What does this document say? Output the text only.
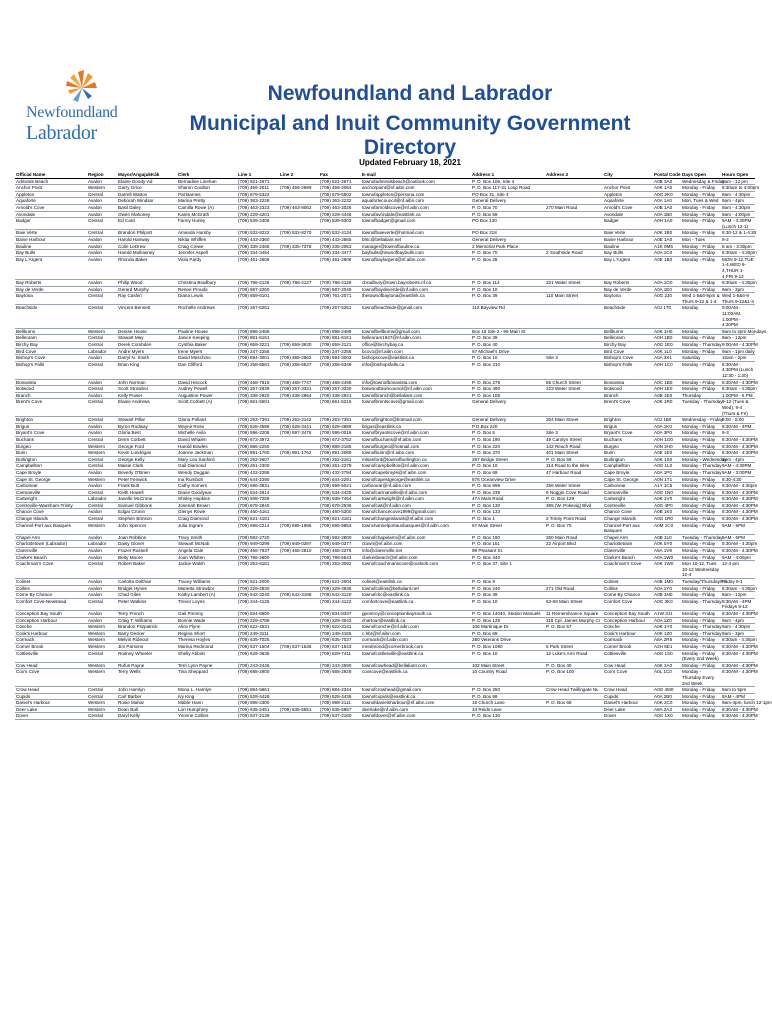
Newfoundland
Labrador
Newfoundland and Labrador
Municipal and Inuit Community Government Directory
Updated February 18, 2021
Official Name	Region	Mayor/AngajukKâk	Clerk	Line 1	Line 2	Fax	E-mail	Address 1	Address 2	City	Postal Code	Days Open	Hours Open
Admirals Beach	Avalon	Elaine Doody-Ad	Bernadine Linehan	(709) 521-2671		(709) 521-2671	townofadmiralsbeach@outlook.com	P. O. Box 106, Site 4			A0B 3A0	Wednesday & Friday	9am - 12 pm
Anchor Point	Western	Garry Grice	Sharon Coulton	(709) 456-2011	(709) 456-2699	(709) 456-2064	anchorpoint@nf.aibn.com	P. O. Box 117-31 Loop Road		Anchor Point	A0K 1A0	Monday - Friday	8:30am to 4:00pm
Appleton	Central	Darrell Watton	Pat Barnes	(709) 679-5322		(709) 679-5502	townofappleton@persona.com	PO Box 31, Site 4		Appleton	A0G 2K0	Monday - Friday	9am - 4:30pm
Aquaforte	Avalon	Deborah Windsor	Marina Pretty	(709) 363-2228		(709) 363-2232	aquafortecouncil@nf.aibn.com	General Delivery		Aquaforte	A0A 1A0	Mon, Tues & Wed	9am - 4pm
Arnold's Cove	Avalon	Basil Daley	Camilla Rowe (A)	(709) 463-2323	(709) 463-8062	(709) 463-2026	townofarnoldscove@nf.aibn.com	P. O. Box 70	270 Main Road	Arnold's Cove	A0B 1A0	Monday - Friday	9am - 4:30pm
Avondale	Avalon	Owen Mahoney	Karen McGrath	(709) 229-4201		(709) 229-4448	townofavondale@eastlink.ca	P. O. Box 59		Avondale	A0A 1B0	Monday - Friday	9am - 4:00pm
Badger	Central	Ed Card	Fanny Hurley	(709) 539-2406		(709) 539-5303	townofbadger@gmail.com	PO Box 130		Badger	A0H 1A0	Monday - Friday	9AM - 4:30PM (Lunch 12-1)
Baie Verte	Central	Brandon Philpott	Amanda Humby	(709) 532-8222	(709) 532-8270	(709) 532-4134	townofbaieverte@hotmail.com	PO Box 218		Baie Verte	A0K 1B0	Monday - Friday	8:30-12 & 1-4:30
Baine Harbour	Avalon	Harold Hanway	Nikita Whiffen	(709) 443-2360		(709) 443-2565	bhtc@bellaliant.net	General Delivery		Baine Harbour	A0E 1A0	Mon - Tues	9-2
Bauline	Avalon	Colin LeDrew	Craig Crewe	(709) 335-2465	(709) 335-7378	(709) 335-2053	manager@townofbauline.ca	2 Memorial Park Place		Bauline	A1K 0M5	Monday - Friday	8 am - 3:30pm
Bay Bulls	Avalon	Harold Mullowney	Jennifer Aspell	(709) 334-3454		(709) 334-3477	baybulls@townofbaybulls.com	P. O. Box 70	2 Southside Road	Bay Bulls	A0A 1C0	Monday - Friday	8:30am - 4:30pm
Bay L'Argent	Avalon	Rhonda Baker	Viola Pardy	(709) 461-2606		(709) 461-2606	townofbaylargent@nf.aibn.com	P. O. Box 28		Bay L'Argent	A0E 1B0	Monday - Friday	MON 9-12,TUE 1-4,WED 9-4,THUR 1-4,FRI 9-12
Bay Roberts	Avalon	Philip Wood	Christina Bradbury	(709) 786-2126	(709) 786-2127	(709) 786-2128	cbradbury@town.bayroberts.nf.ca	P. O. Box 114	321 Water Street	Bay Roberts	A0A 1G0	Monday - Friday	8:30am - 4:30pm
Bay de Verde	Avalon	Gerard Murphy	Renee Proude	(709) 587-2260		(709) 587-2049	townofbaydeverde@nf.aibn.com	P. O. Box 10		Bay de Verde	A0A 1E0	Monday - Friday	9am - 3pm
Baytona	Central	Ray Cashin	Diana Lewis	(709) 659-6101		(709) 761-2071	thetownofbaytona@eastlink.ca	P. O. Box 39	110 Main Street	Baytona	A0G 2J0	Wed 1-5&6-9pm & Thurs 9-12 & 1-4	Wed 1-5&6-9 Thurs 9-12&1-4
Beachside	Central	Vincent Bennett	Rochelle Andrews	(709) 267-5251		(709) 267-5251	townofbeachside@gmail.com	112 Bayview Rd		Beachside	A0J 1T0	Monday	9:00AM - 11:00AM, 1:00PM - 4:30PM
Bellburns	Western	Denise House	Pauline House	(709) 898-2488		(709) 898-2488	townofbellburns@gmail.com	Box 18 Site 2 - 99 Main St		Bellburns	A0K 1H0	Monday	9am to 2pm Mondays
Belleoram	Central	Stewart May	Janice Keeping	(709) 881-6161		(709) 881-6161	belleoram1947@nf.aibn.com	P. O. Box 39		Belleoram	A0H 1B0	Monday - Friday	9am - 12pm
Birchy Bay	Central	Derek Combden	Cynthia Baker	(709) 659-3221	(709) 659-3630	(709) 659-2121	office@birchybay.ca	P. O. Box 40		Birchy Bay	A0G 1E0	Monday - Thursday	9:00AM - 4:30PM
Bird Cove	Labrador	Andre Myers	Irene Myers	(709) 247-2256		(709) 247-2256	bcov1@nf.aibn.com	67 Michael's Drive		Bird Cove	A0K 1L0	Monday - Friday	9am - 1pm daily
Bishop's Cove	Avalon	Darryl N. Smith	David Meschino	(709) 594-3001	(709) 389-2862	(709) 594-3002	bishopscove@eastlink.ca	P. O. Box 10	Site 3	Bishop's Cove	A0A 3X1	Saturday	10am - 2pm
Bishop's Falls	Central	Brian King	Dan Clifford	(709) 258-6581	(709) 258-6537	(709) 258-6346	info@bishopsfalls.ca	P. O. Box 310		Bishop's Falls	A0H 1C0	Monday - Friday	8:30AM - 4:30PM (Lunch 12:30 - 1:30)
Bonavista	Avalon	John Norman	David Hiscock	(709) 468-7816	(709) 468-7747	(709) 468-2495	info@townofbonavista.com	P. O. Box 279	55 Church Street	Bonavista	A0C 1B0	Monday - Friday	8:30AM - 4:30PM
Botwood	Central	Scott Strowbor	Audrey Powell	(709) 257-2839	(709) 257-3331	(709) 257-3330	botwoodtowncouncil@nf.aibn.com	P. O. Box 490	223 Water Street	Botwood	A0H 1E0	Monday - Friday	8:30am - 4:30pm
Branch	Avalon	Kelly Power	Augustine Power	(709) 338-2920	(709) 338-2964	(709) 338-2921	townofbranch@bellaliant.com	P. O. Box 109		Branch	A0B 1E0	Thursday	1:00PM - 5 PM
Brent's Cove	Central	Elaine Andrews	Scott Corbett (A)	(709) 661-5501		(709) 661-5216	townofbrentscove@gmail.com	General Delivery		Brent's Cove	A0K 1R0	Tuesday - Thursday	9-12 (Tues & Wed), 9-4 (Thurs & Fri)
Brighton	Central	Stewart Pillar	Gloria Pollard	(709) 263-7391	(709) 263-2142	(709) 263-7391	townofbrighton@hotmail.com	General Delivery	304 Main Street	Brighton	A0J 1B0	Wednesday - Friday	9:00 - 5:00
Brigus	Avalon	Byron Rodway	Wayne Rose	(709) 528-4588	(709) 528-3441	(709) 528-4889	brigus@eastlink.ca	P.O.Box 220		Brigus	A0A 1K0	Monday - Friday	8:30AM - 4PM
Bryant's Cove	Avalon	Gloria Best	Michelle Avila	(709) 596-2208	(709) 597-3476	(709) 596-0016	townofbryantscove@nf.aibn.com	P. O. Box 5	Site 3	Bryant's Cove	A0A 3P0	Monday - Friday	9-3
Buchans	Central	Derm Corbett	David Whalen	(709) 672-3972		(709) 672-3752	townofbuchans@nf.aibn.com	P. O. Box 190	49 Carolyn Street	Buchans	A0H 1G0	Monday - Friday	8:30AM - 4:30PM
Burgeo	Western	George Ford	Harold Bowles	(709) 886-2250		(709) 886-2165	townofburgeo@hotmail.com	P. O. Box 220	142 Reach Road	Burgeo	A0N 2H0	Monday - Friday	8:30AM - 4:30PM
Burin	Western	Kevin Lundrigan	Joanne Jackman	(709) 891-1760	(709) 891-1762	(709) 891-2069	townofburin@nf.aibn.com	P. O. Box 370	401 Main Street	Burin	A0E 1E0	Monday - Friday	8:30AM - 4:30PM
Burlington	Central	George Kelly	Mary Lou Sanford	(709) 252-2607		(709) 252-2161	mlsanford@townofburlington.ca	267 Bridge Street	P. O. Box 59	Burlington	A0K 1S0	Monday - Wednesday	1pm - 4pm
Campbellton	Central	Maisie Clark	Gail Diamond	(709) 261-2300		(709) 261-2279	townofcampbellton@nf.aibn.com	P. O. Box 10	114 Road to the Isles	Campbellton	A0G 1L0	Monday - Thursday	9AM - 4:30PM
Cape Broyle	Avalon	Beverly O'Brien	Wendy Duggan	(709) 432-2288		(709) 432-2794	townofcapebroyle@nf.aibn.com	P. O. Box 69	47 Harbour Road	Cape Broyle	A0A 1P0	Monday - Thursday	9AM - 3:00PM
Cape St. George	Western	Peter Fenwick	Ina Rumbolt	(709) 644-2290		(709) 644-2291	townofcapestgeorge@eastlink.ca	876 Oceanview Drive		Cape St. George	A0N 1T1	Monday - Friday	8:30-4:30
Carbonear	Avalon	Frank Butt	Cathy Somers	(709) 596-3831		(709) 596-5021	carbonear@nf.aibn.com	P. O. Box 999	256 Water Street	Carbonear	A1Y 1C5	Monday - Friday	8:30AM - 4:30pm
Carmanville	Central	Keith Howell	Diane Goodyear	(709) 534-2814		(709) 534-2425	townofcarmanville@nf.aibn.com	P. O. Box 239	8 Noggin Cove Road	Carmanville	A0G 1N0	Monday - Friday	8:30AM - 4:30PM
Cartwright	Labrador	Janelle McCrone	Shirley Hopkins	(709) 938-7259		(709) 938-7454	townofcartwright@nf.aibn.com	47A Main Road	P. O. Box 129	Cartwright	A0K 1V0	Monday - Friday	8:30AM - 4:30PM
Centreville-Wareham-Trinity	Central	Samuel Gibbons	Josenah Brown	(709) 678-2840		(709) 678-2536	townofcwt@nf.aibn.com	P. O. Box 130	355 (W. Pokeviq) Blvd	Centreville	A0G 4P0	Monday - Friday	8:30AM - 4:30PM
Chance Cove	Avalon	Edgar Cronin	Glenys Rowe	(709) 460-4161		(709) 460-5300	townofchancecove1999@gmail.com	P. O. Box 133		Chance Cove	A0B 1K0	Monday - Friday	8:30AM - 4:30PM
Change Islands	Central	Stephen Brinson	Craig Diamond	(709) 621-4181		(709) 621-4181	townofchangeislands@nf.aibn.com	P. O. Box 1	2 Trinity Point Road	Change Islands	A0G 1R0	Monday - Friday	8:30AM - 4:30PM
Channel-Port aux Basques	Western	John Spencer	Julia Ingram	(709) 695-2214	(709) 695-1996	(709) 695-9852	townchannelportauxbasques@nf.aibn.com	67 Main Street	P. O. Box 70	Channel-Port aux Basques	A0M 1C0	Monday - Friday	9AM - 5PM
Chapel Arm	Avalon	Joan Robbins	Tracy Smith	(709) 592-2720		(709) 592-2800	townofchapelarm@nf.aibn.com	P. O. Box 190	250 Main Road	Chapel Arm	A0B 1L0	Tuesday - Thursday	9AM - 5PM
Charlottetown (Labrador)	Labrador	Daisy Glover	Stewart McNab	(709) 949-0299	(709) 949-0297	(709) 949-0377	ctown@nf.aibn.com	P. O. Box 151	22 Airport Blvd	Charlottetown	A0K 5Y0	Monday - Friday	8:30AM - 4:30pm
Clarenville	Avalon	Frazer Russell	Angela Gale	(709) 466-7937	(709) 466-2810	(709) 466-2276	info@clarenville.net	99 Pleasant St.		Clarenville	A5A 1V9	Monday - Friday	8:30AM - 4:30PM
Clarke's Beach	Avalon	Betty Moore	Joan Whitten	(709) 786-2600		(709) 786-5643	clarkesbeach@nf.aibn.com	P. O. Box 340		Clarke's Beach	A0A 1W0	Monday - Friday	9AM - 4:00pm
Coachman's Cove	Central	Robert Baker	Jackie Walsh	(709) 253-6181		(709) 253-3092	townofcoachmanscove@outlook.com	P. O. Box 37, Site 1		Coachman's Cove	A0K 1W0	Mon 10-12, Tues 10-12 Wednesday 12-4	12-4 pm
Colinet	Avalon	Carlotta Dolthan	Tracey Williams	(709) 521-2000		(709) 521-2004	colinet@eastlink.ca	P. O. Box 9		Colinet	A0B 1M0	Tuesday/Thursday/Fri	Friday 9-1
Collins	Avalon	Bridget Hynes	Marietta Strowbor	(709) 229-4830		(709) 229-4635	townofcollins@bellaliant.net	P. O. Box 240	271 Old Road	Collins	A0A 1Y0	Monday - Friday	8:30am - 4:30pm
Come By Chance	Avalon	Chad Giles	Kathy Lambert (A)	(709) 542-3240	(709) 542-3198	(709) 542-3120	townofcbc@eastlink.ca	P. O. Box 39		Come By Chance	A0B 1N0	Monday - Friday	8am - 12pm
Comfort Cove-Newstead	Central	Peter Watkins	Trevor Loyns	(709) 244-4125		(709) 244-4122	comfortcove@eastlink.ca	P. O. Box 10	63-69 Main Street	Comfort Cove	A0G 3K0	Monday - Thursday	8:30AM - 4PM Fridays 9-12
Conception Bay South	Avalon	Terry French	Gail Pomroy	(709) 834-6500		(709) 834-8337	gpomroy@conceptionbaysouth.ca	P. O. Box 14040, Station Manuels	11 Remembrance Square	Conception Bay South	A1W 3J1	Monday - Friday	8:30AM - 4:30PM
Conception Harbour	Avalon	Craig T. Williams	Bonnie Wade	(709) 229-4788		(709) 229-4043	chartour@eastlink.ca	P. O. Box 128	115 Cpl. James Murphy Cr	Conception Harbour	A0A 1Z0	Monday - Friday	9am - 4pm
Conche	Western	Brandon Fitzpatrick	Alice Flynn	(709) 622-4531		(709) 622-3141	townofconche@nf.aibn.com	106 Martinique Dr	P. O. Box 57	Conche	A0K 1Y0	Monday - Thursday	9am - 4:30pm
Cook's Harbour	Western	Barry Decker	Regina Short	(709) 249-3111		(709) 249-4155	c.hbr@nf.aibn.com	P. O. Box 69		Cook's Harbour	A0K 1Z0	Monday - Thursday	9am - 3pm
Cormack	Western	Melvin Rideout	Theresa Hoyles	(709) 635-7025		(709) 635-7027	cormack@nf.aibn.com	280 Veterans Drive		Cormack	A8A 2R6	Monday - Friday	8:30am - 4:30pm
Corner Brook	Western	Jim Parsons	Marina Redmond	(709) 637-1504	(709) 637-1535	(709) 637-1543	mredmond@cornerbrook.com	P. O. Box 1080	5 Park Street	Corner Brook	A2H 6E1	Monday - Friday	8:30AM - 4:30PM
Cottlesville	Central	Rodney Wheeler	Shelly Abbott	(709) 629-3635		(709) 629-7411	townofcottlesville@eastlink.ca	P. O. Box 10	12 Luke's Arm Road	Cottlesville	A0G 1S0	Monday - Friday (Every 2nd Week)	8:30AM - 4:30PM
Cow Head	Western	Rufus Payne	Terri Lynn Payne	(709) 243-2446		(709) 243-2590	townofcowhead@bellaliant.com	102 Main Street	P. O. Box 40	Cow Head	A0K 2A0	Monday - Friday	8:30AM - 4:30PM
Cox's Cove	Western	Terry Wells	Tina Sheppard	(709) 688-2900		(709) 688-2929	coxscove@eastlink.ca	10 Country Road	P. O. Box 100	Cox's Cove	A0L 1C0	Monday - Thursday Every 2nd Week	8:30AM - 4:30PM
Crow Head	Central	John Hamlyn	Mona L. Hamlyn	(709) 884-5661		(709) 884-2344	townofcrowhead@gmail.com	P. O. Box 250	Crow Head Twillingate NL	Crow Head	A0G 4M0	Monday - Friday	9am to 5pm
Cupids	Central	Carl Barber	Ivy King	(709) 528-4428		(709) 528-4436	townofcupids@eastlink.ca	P. O. Box 99		Cupids	A0A 2B0	Monday - Friday	8AM - 4PM
Daniel's Harbour	Western	Rosie Mahar	Mable Hann	(709) 898-2300		(709) 898-2111	townofdanielsharbour@nf.aibn.com	15 Church Lane	P. O. Box 68	Daniel's Harbour	A0K 2C0	Monday - Friday	9am-4pm, lunch 12-1pm
Deer Lake	Western	Dean Ball	Lori Humphrey	(709) 635-2451	(709) 635-5551	(709) 635-5857	deerlake@nf.aibn.com	34 Reids Lane		Deer Lake	A8A 2A3	Monday - Friday	8:30AM - 4:30PM
Dover	Central	Daryl Kelly	Yvonne Collins	(709) 537-2139		(709) 537-2160	townofdover@nf.aibn.com	P. O. Box 130		Dover	A0G 1X0	Monday - Friday	8:30AM - 4:30PM
